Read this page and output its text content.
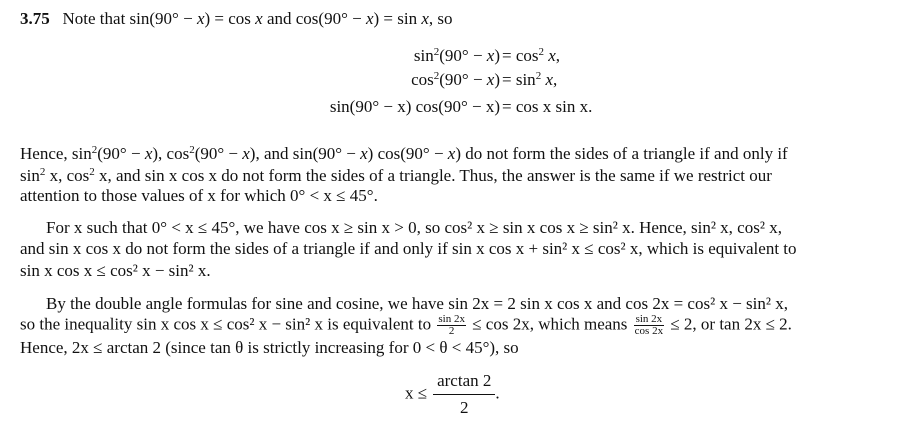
3.75 Note that sin(90° − x) = cos x and cos(90° − x) = sin x, so
$\sin^2(90^\circ - x) = \cos^2 x$,
$\cos^2(90^\circ - x) = \sin^2 x$,
sin(90° − x) cos(90° − x) = cos x sin x.
Hence, $\sin^2(90^\circ - x)$, $\cos^2(90^\circ - x)$, and sin(90° − x) cos(90° − x) do not form the sides of a triangle if and only if
$\sin^2 x$, $\cos^2 x$, and sin x cos x do not form the sides of a triangle. Thus, the answer is the same if we restrict our
attention to those values of x for which 0° < x ≤ 45°.
For x such that 0° < x ≤ 45°, we have cos x ≥ sin x > 0, so cos² x ≥ sin x cos x ≥ sin² x. Hence, sin² x, cos² x,
and sin x cos x do not form the sides of a triangle if and only if sin x cos x + sin² x ≤ cos² x, which is equivalent to
sin x cos x ≤ cos² x − sin² x.
By the double angle formulas for sine and cosine, we have sin 2x = 2 sin x cos x and cos 2x = cos² x − sin² x,
so the inequality sin x cos x ≤ cos² x − sin² x is equivalent to $\frac{\sin 2x}{2} \le \cos 2x$, which means $\frac{\sin 2x}{\cos 2x} \le 2$, or tan 2x ≤ 2.
Hence, 2x ≤ arctan 2 (since tan θ is strictly increasing for 0 < θ < 45°), so
$x \le \frac{\arctan 2}{2}$ .
